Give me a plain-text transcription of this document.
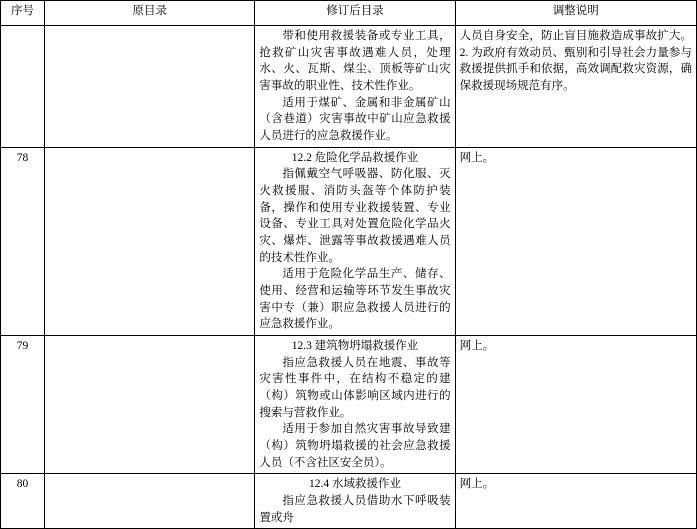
序号	原目录	修订后目录	调整说明

		带和使用救援装备或专业工具，抢救矿山灾害事故遇难人员，处理水、火、瓦斯、煤尘、顶板等矿山灾害事故的职业性、技术性作业。

适用于煤矿、金属和非金属矿山（含巷道）灾害事故中矿山应急救援人员进行的应急救援作业。	人员自身安全，防止盲目施救造成事故扩大。2. 为政府有效动员、甄别和引导社会力量参与救援提供抓手和依据，高效调配救灾资源，确保救援现场规范有序。

78		12.2 危险化学品救援作业

指佩戴空气呼吸器、防化服、灭火救援服、消防头盔等个体防护装备，操作和使用专业救援装置、专业设备、专业工具对处置危险化学品火灾、爆炸、泄露等事故救援遇难人员的技术性作业。

适用于危险化学品生产、储存、使用、经营和运输等环节发生事故灾害中专（兼）职应急救援人员进行的应急救援作业。	网上。

79		12.3 建筑物坍塌救援作业

指应急救援人员在地震、事故等灾害性事件中，在结构不稳定的建（构）筑物或山体影响区域内进行的搜索与营救作业。

适用于参加自然灾害事故导致建（构）筑物坍塌救援的社会应急救援人员（不含社区安全员）。	网上。

80		12.4 水域救援作业

指应急救援人员借助水下呼吸装置或舟	网上。
